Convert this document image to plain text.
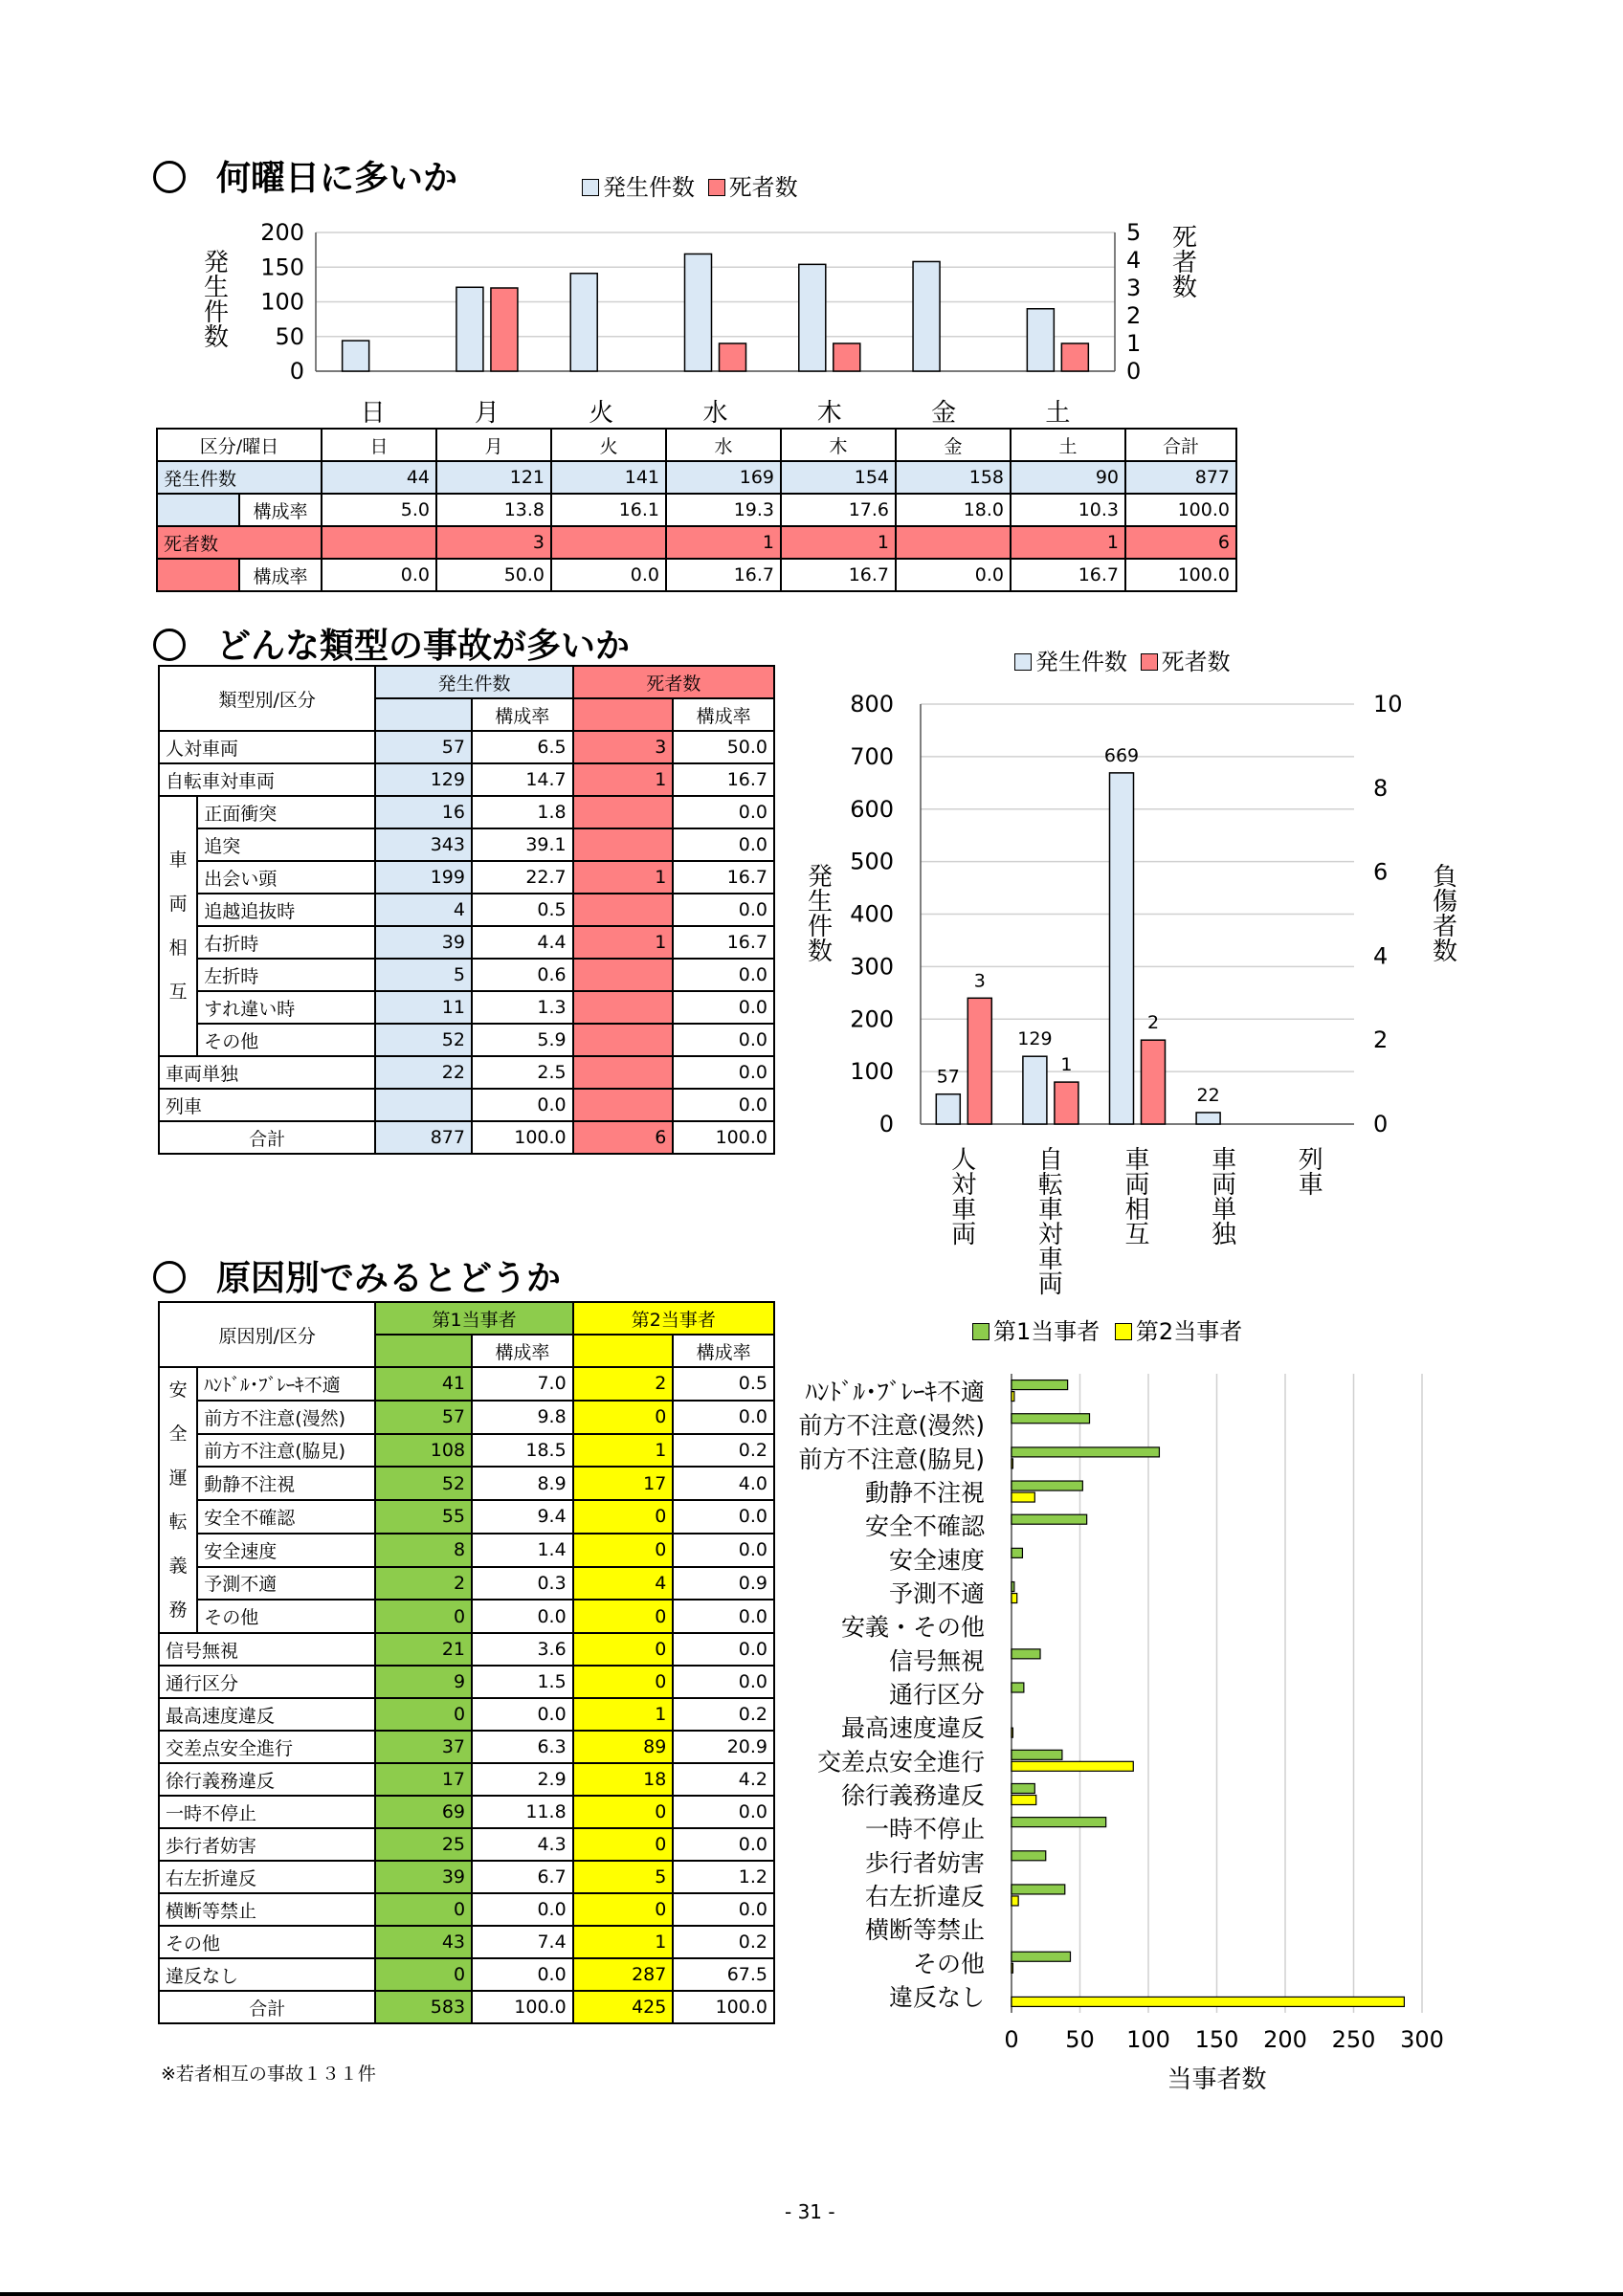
何曜日に多いか	発生件数 死者数
0
50
100
150
200
0
1
2
3
4
5
日	月	火	水	木	金	土
発
生
件
数
死
者
数
区分/曜日		日	月	火	水	木	金	土	合計
発生件数		44	121	141	169	154	158	90	877
	構成率	5.0	13.8	16.1	19.3	17.6	18.0	10.3	100.0
死者数			3		1	1		1	6
	構成率	0.0	50.0	0.0	16.7	16.7	0.0	16.7	100.0
どんな類型の事故が多いか	発生件数 死者数
0
100
200
300
400
500
600
700
800
0
2
4
6
8
10
57
3
人
対
車
両
129
1
自
転
車
対
車
両
669
2
車
両
相
互
22
車
両
単
独
列
車
発
生
件
数
負
傷
者
数
類型別/区分		発生件数		死者数	
			構成率		構成率
人対車両		57	6.5	3	50.0
自転車対車両		129	14.7	1	16.7
車両相互	正面衝突	16	1.8		0.0
	追突	343	39.1		0.0
	出会い頭	199	22.7	1	16.7
	追越追抜時	4	0.5		0.0
	右折時	39	4.4	1	16.7
	左折時	5	0.6		0.0
	すれ違い時	11	1.3		0.0
	その他	52	5.9		0.0
車両単独		22	2.5		0.0
列車			0.0		0.0
合計		877	100.0	6	100.0
原因別でみるとどうか
第1当事者 第2当事者
0 50 100 150 200 250 300
ﾊﾝﾄﾞﾙ･ﾌﾞﾚｰｷ不適
前方不注意(漫然)
前方不注意(脇見)
動静不注視
安全不確認
安全速度
予測不適
安義・その他
信号無視
通行区分
最高速度違反
交差点安全進行
徐行義務違反
一時不停止
歩行者妨害
右左折違反
横断等禁止
その他
違反なし
当事者数
原因別/区分		第1当事者		第2当事者	
			構成率		構成率
安全運転義務	ﾊﾝﾄﾞﾙ･ﾌﾞﾚｰｷ不適	41	7.0	2	0.5
	前方不注意(漫然)	57	9.8	0	0.0
	前方不注意(脇見)	108	18.5	1	0.2
	動静不注視	52	8.9	17	4.0
	安全不確認	55	9.4	0	0.0
	安全速度	8	1.4	0	0.0
	予測不適	2	0.3	4	0.9
	その他	0	0.0	0	0.0
信号無視		21	3.6	0	0.0
通行区分		9	1.5	0	0.0
最高速度違反		0	0.0	1	0.2
交差点安全進行		37	6.3	89	20.9
徐行義務違反		17	2.9	18	4.2
一時不停止		69	11.8	0	0.0
歩行者妨害		25	4.3	0	0.0
右左折違反		39	6.7	5	1.2
横断等禁止		0	0.0	0	0.0
その他		43	7.4	1	0.2
違反なし		0	0.0	287	67.5
合計		583	100.0	425	100.0
※若者相互の事故１３１件
- 31 -
